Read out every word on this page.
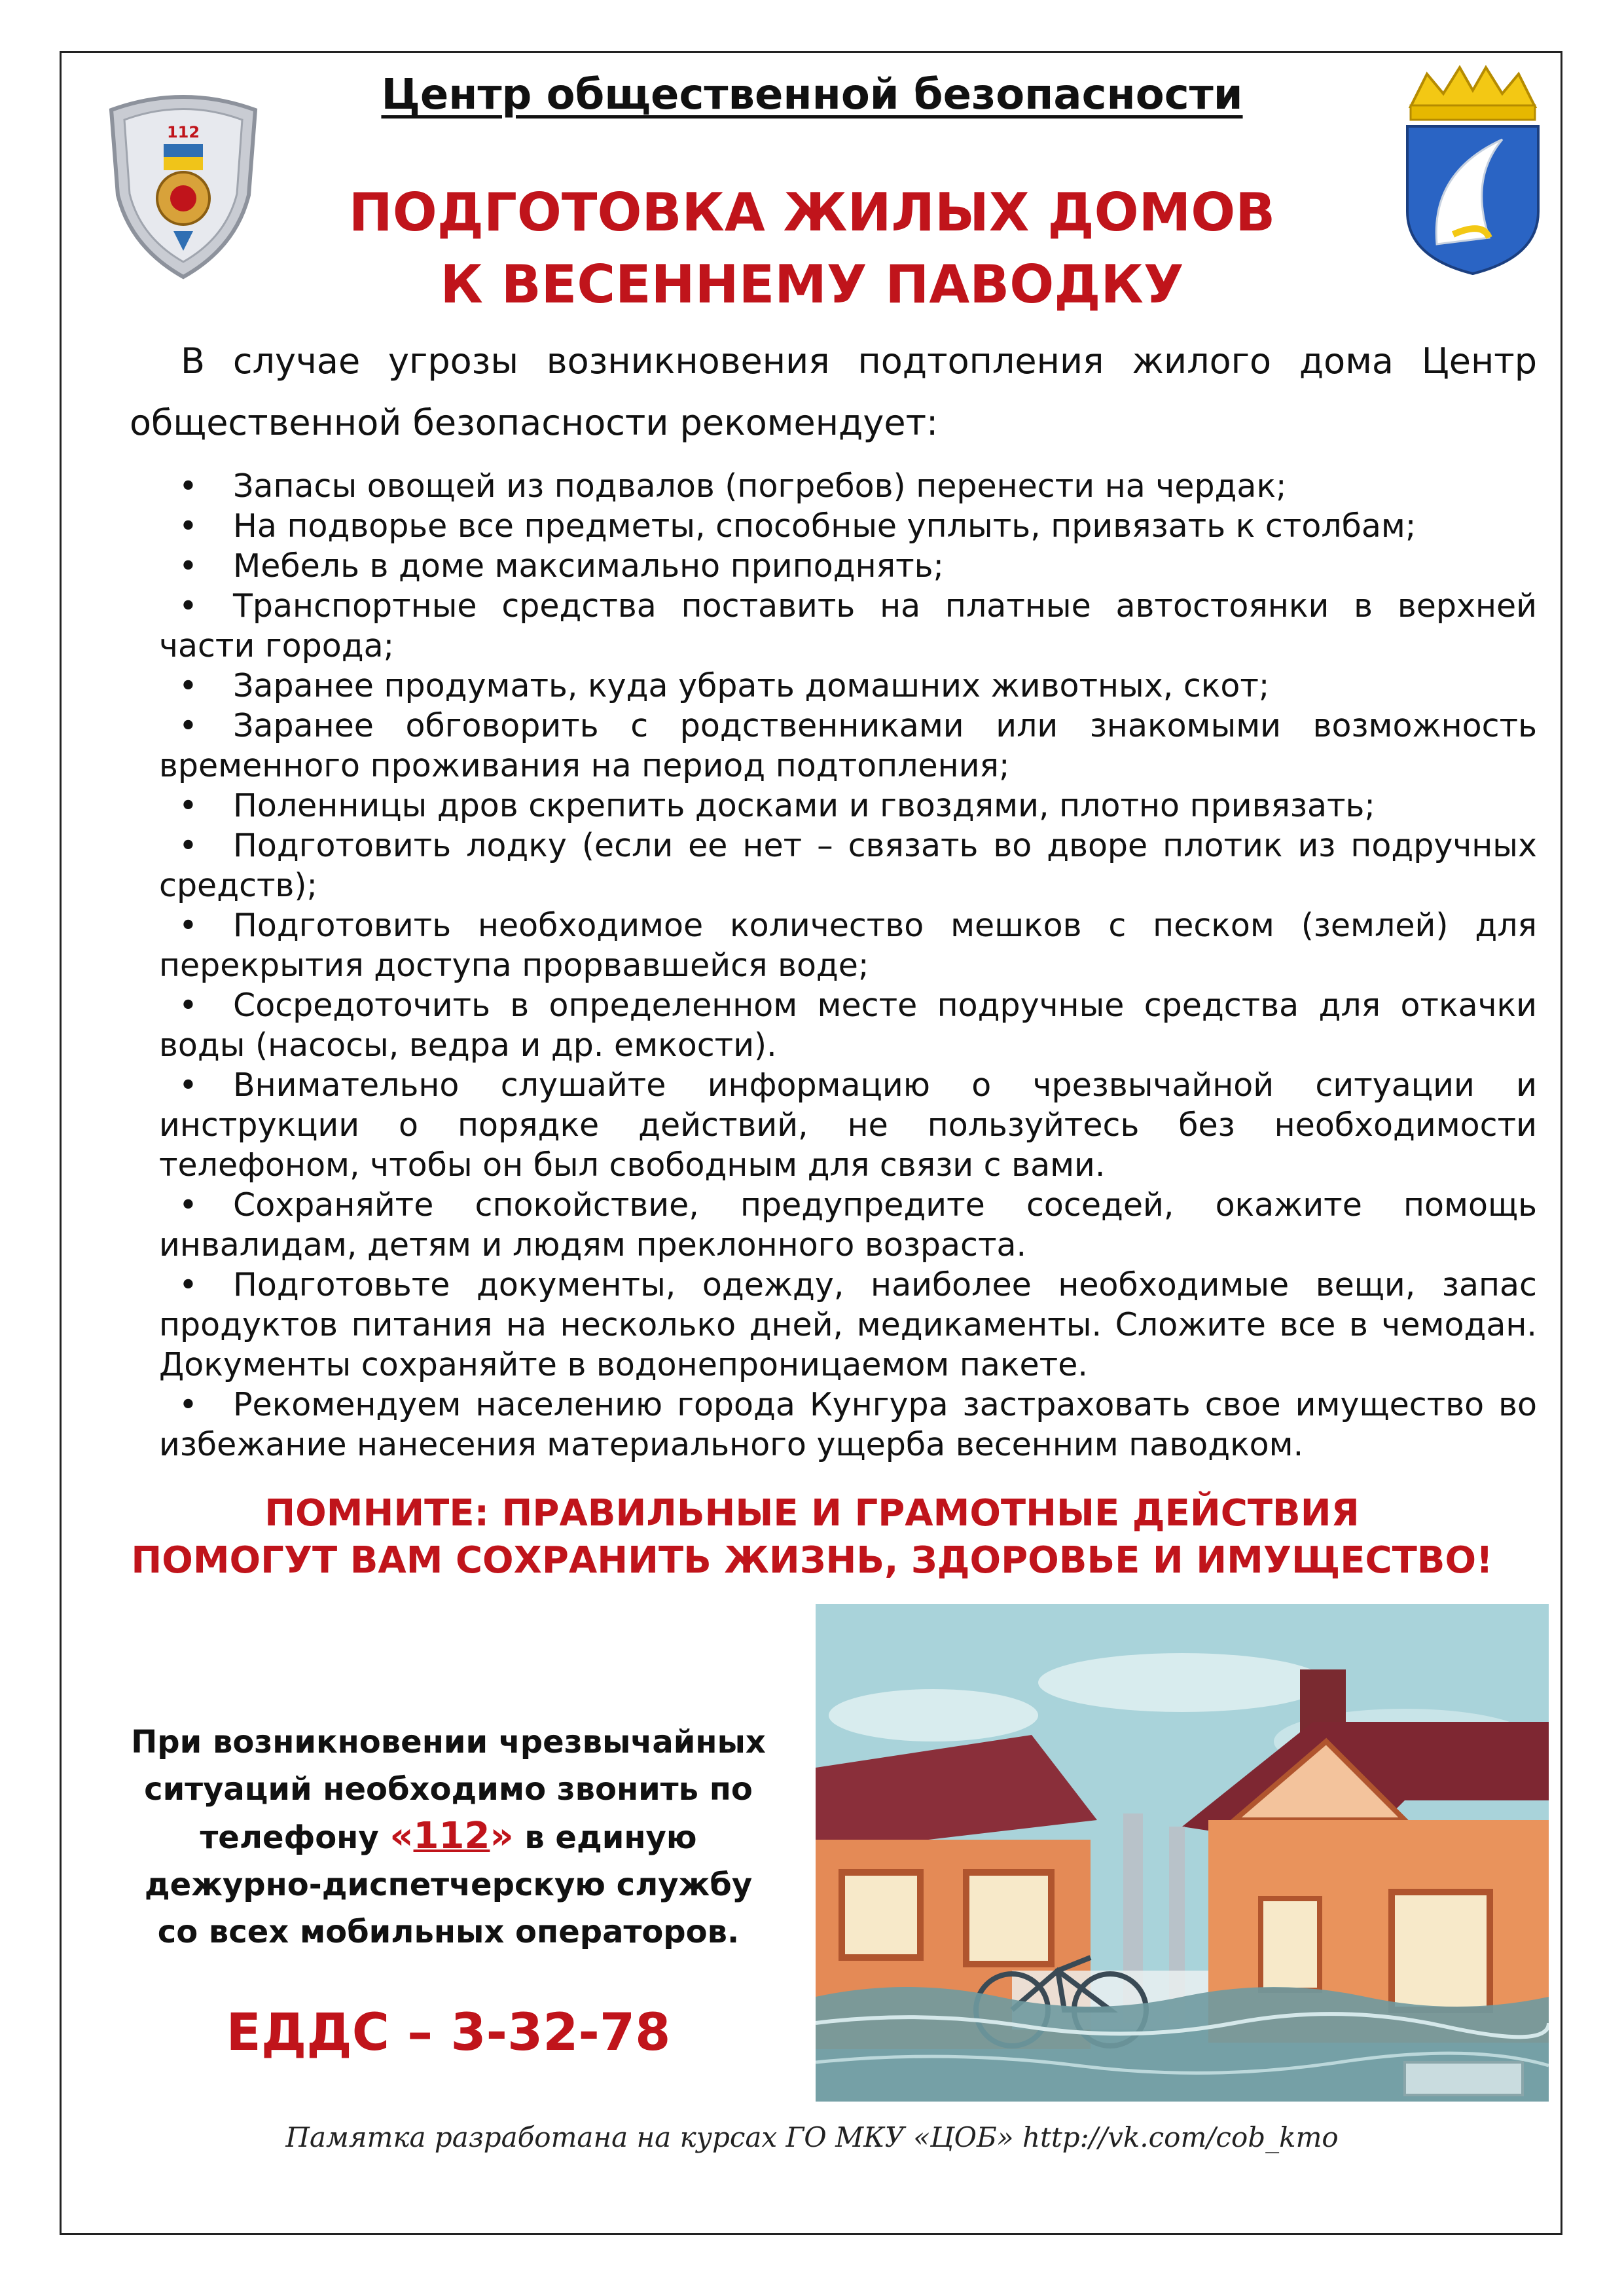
112
Центр общественной безопасности
ПОДГОТОВКА ЖИЛЫХ ДОМОВ
К ВЕСЕННЕМУ ПАВОДКУ
В случае угрозы возникновения подтопления жилого дома Центр общественной безопасности рекомендует:
• Запасы овощей из подвалов (погребов) перенести на чердак;
• На подворье все предметы, способные уплыть, привязать к столбам;
• Мебель в доме максимально приподнять;
• Транспортные средства поставить на платные автостоянки в верхней части города;
• Заранее продумать, куда убрать домашних животных, скот;
• Заранее обговорить с родственниками или знакомыми возможность временного проживания на период подтопления;
• Поленницы дров скрепить досками и гвоздями, плотно привязать;
• Подготовить лодку (если ее нет – связать во дворе плотик из подручных средств);
• Подготовить необходимое количество мешков с песком (землей) для перекрытия доступа прорвавшейся воде;
• Сосредоточить в определенном месте подручные средства для откачки воды (насосы, ведра и др. емкости).
• Внимательно слушайте информацию о чрезвычайной ситуации и инструкции о порядке действий, не пользуйтесь без необходимости телефоном, чтобы он был свободным для связи с вами.
• Сохраняйте спокойствие, предупредите соседей, окажите помощь инвалидам, детям и людям преклонного возраста.
• Подготовьте документы, одежду, наиболее необходимые вещи, запас продуктов питания на несколько дней, медикаменты. Сложите все в чемодан. Документы сохраняйте в водонепроницаемом пакете.
• Рекомендуем населению города Кунгура застраховать свое имущество во избежание нанесения материального ущерба весенним паводком.
ПОМНИТЕ: ПРАВИЛЬНЫЕ И ГРАМОТНЫЕ ДЕЙСТВИЯ
ПОМОГУТ ВАМ СОХРАНИТЬ ЖИЗНЬ, ЗДОРОВЬЕ И ИМУЩЕСТВО!
При возникновении чрезвычайных
ситуаций необходимо звонить по
телефону «112» в единую
дежурно-диспетчерскую службу
со всех мобильных операторов.
ЕДДС – 3-32-78
Памятка разработана на курсах ГО МКУ «ЦОБ» http://vk.com/cob_kmo
